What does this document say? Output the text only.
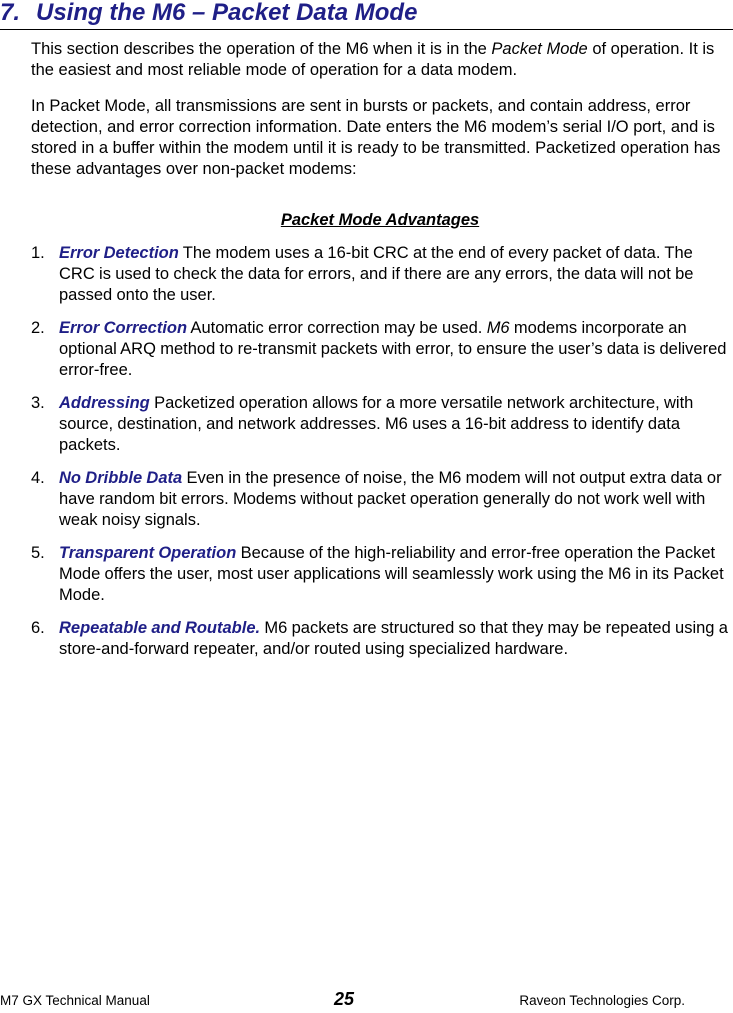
7. Using the M6 – Packet Data Mode

This section describes the operation of the M6 when it is in the Packet Mode of operation. It is the easiest and most reliable mode of operation for a data modem.

In Packet Mode, all transmissions are sent in bursts or packets, and contain address, error detection, and error correction information. Date enters the M6 modem’s serial I/O port, and is stored in a buffer within the modem until it is ready to be transmitted. Packetized operation has these advantages over non-packet modems:

Packet Mode Advantages
1. Error Detection The modem uses a 16-bit CRC at the end of every packet of data. The CRC is used to check the data for errors, and if there are any errors, the data will not be passed onto the user.
2. Error Correction Automatic error correction may be used. M6 modems incorporate an optional ARQ method to re-transmit packets with error, to ensure the user’s data is delivered error-free.
3. Addressing Packetized operation allows for a more versatile network architecture, with source, destination, and network addresses. M6 uses a 16-bit address to identify data packets.
4. No Dribble Data Even in the presence of noise, the M6 modem will not output extra data or have random bit errors. Modems without packet operation generally do not work well with weak noisy signals.
5. Transparent Operation Because of the high-reliability and error-free operation the Packet Mode offers the user, most user applications will seamlessly work using the M6 in its Packet Mode.
6. Repeatable and Routable. M6 packets are structured so that they may be repeated using a store-and-forward repeater, and/or routed using specialized hardware.
M7 GX Technical Manual	25	Raveon Technologies Corp.
